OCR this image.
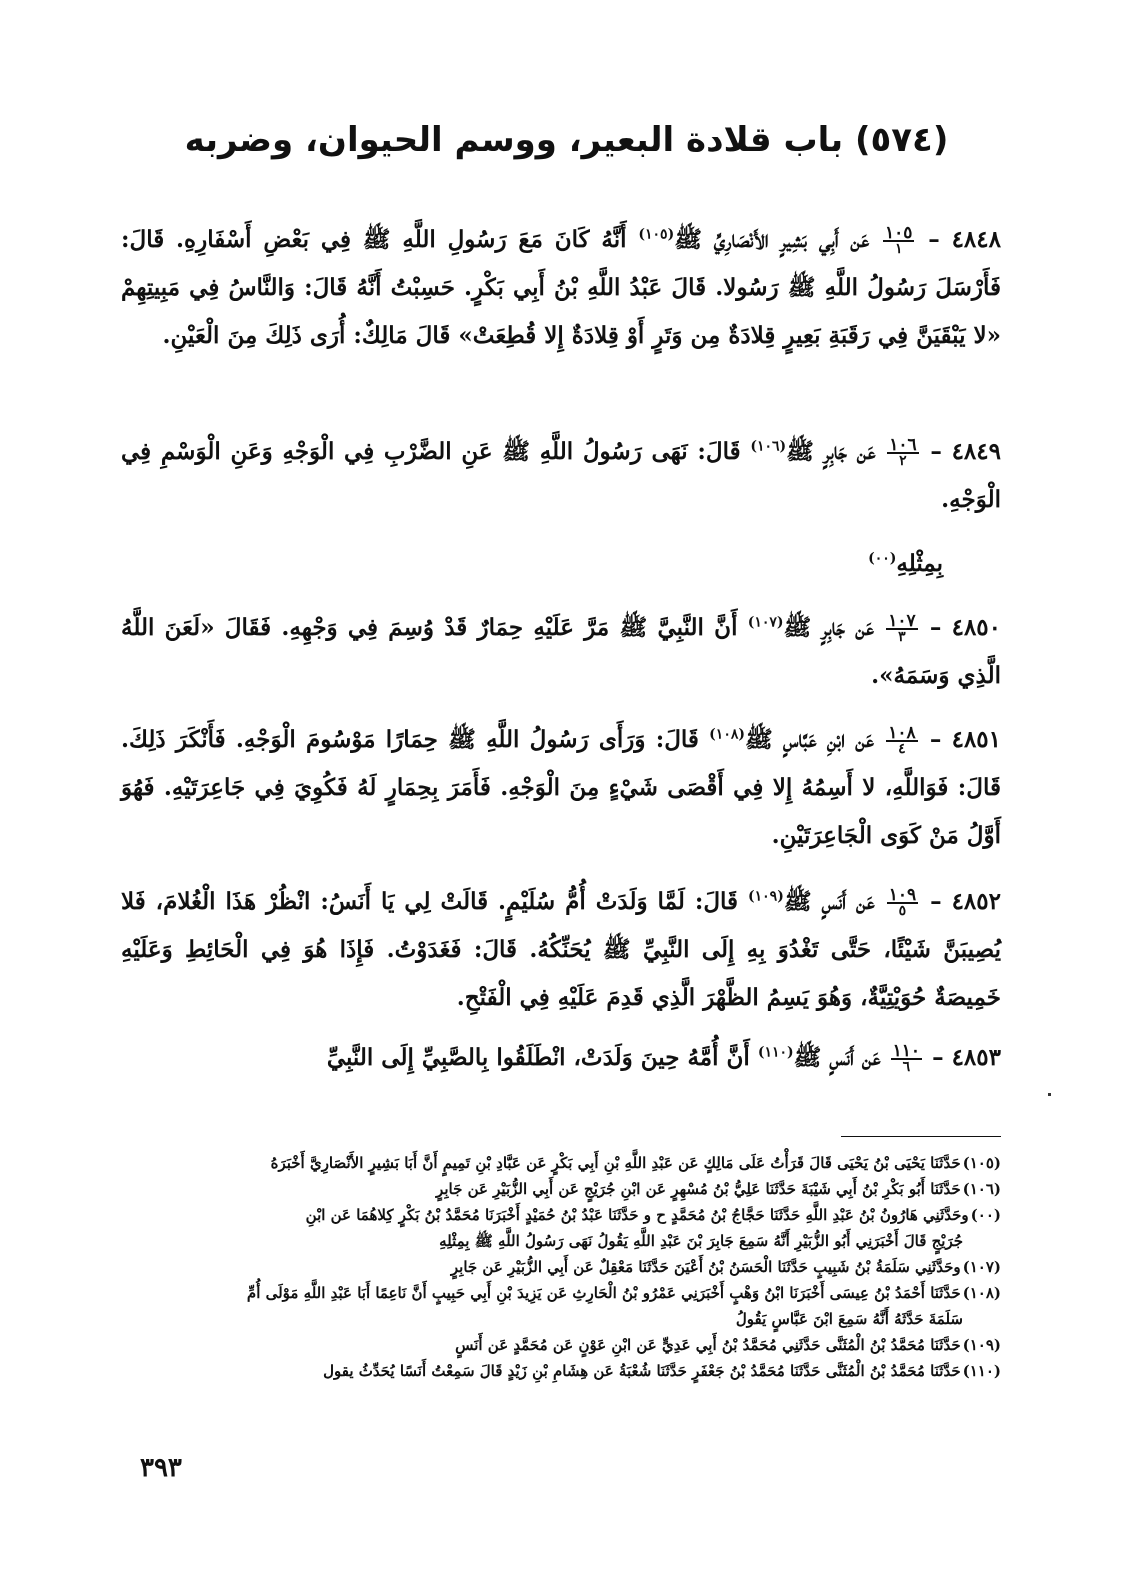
(٥٧٤) باب قلادة البعير، ووسم الحيوان، وضربه
٤٨٤٨ –
$\frac{١٠٥}{١}$
عَن أَبِي بَشِيرٍ الأَنْصَارِيِّ ﷺ$^{(١٠٥)}$ أَنَّهُ كَانَ مَعَ رَسُولِ اللَّهِ ﷺ فِي بَعْضِ أَسْفَارِهِ. قَالَ: فَأَرْسَلَ رَسُولُ اللَّهِ ﷺ رَسُولا. قَالَ عَبْدُ اللَّهِ بْنُ أَبِي بَكْرٍ. حَسِبْتُ أَنَّهُ قَالَ: وَالنَّاسُ فِي مَبِيتِهِمْ «لا يَبْقَيَنَّ فِي رَقَبَةِ بَعِيرٍ قِلادَةٌ مِن وَتَرٍ أَوْ قِلادَةٌ إِلا قُطِعَتْ» قَالَ مَالِكٌ: أُرَى ذَلِكَ مِنَ الْعَيْنِ.
٤٨٤٩ –
$\frac{١٠٦}{٢}$
عَن جَابِرٍ ﷺ$^{(١٠٦)}$ قَالَ: نَهَى رَسُولُ اللَّهِ ﷺ عَنِ الضَّرْبِ فِي الْوَجْهِ وَعَنِ الْوَسْمِ فِي الْوَجْهِ.
بِمِثْلِهِ$^{(٠٠)}$
٤٨٥٠ –
$\frac{١٠٧}{٣}$
عَن جَابِرٍ ﷺ$^{(١٠٧)}$ أَنَّ النَّبِيَّ ﷺ مَرَّ عَلَيْهِ حِمَارٌ قَدْ وُسِمَ فِي وَجْهِهِ. فَقَالَ «لَعَنَ اللَّهُ الَّذِي وَسَمَهُ».
٤٨٥١ –
$\frac{١٠٨}{٤}$
عَن ابْنِ عَبَّاسٍ ﷺ$^{(١٠٨)}$ قَالَ: وَرَأَى رَسُولُ اللَّهِ ﷺ حِمَارًا مَوْسُومَ الْوَجْهِ. فَأَنْكَرَ ذَلِكَ. قَالَ: فَوَاللَّهِ، لا أَسِمُهُ إِلا فِي أَقْصَى شَيْءٍ مِنَ الْوَجْهِ. فَأَمَرَ بِحِمَارٍ لَهُ فَكُوِيَ فِي جَاعِرَتَيْهِ. فَهُوَ أَوَّلُ مَنْ كَوَى الْجَاعِرَتَيْنِ.
٤٨٥٢ –
$\frac{١٠٩}{٥}$
عَن أَنَسٍ ﷺ$^{(١٠٩)}$ قَالَ: لَمَّا وَلَدَتْ أُمُّ سُلَيْمٍ. قَالَتْ لِي يَا أَنَسُ: انْظُرْ هَذَا الْغُلامَ، فَلا يُصِيبَنَّ شَيْئًا، حَتَّى تَغْدُوَ بِهِ إِلَى النَّبِيِّ ﷺ يُحَنِّكُهُ. قَالَ: فَغَدَوْتُ. فَإِذَا هُوَ فِي الْحَائِطِ وَعَلَيْهِ خَمِيصَةٌ حُوَيْتِيَّةٌ، وَهُوَ يَسِمُ الظَّهْرَ الَّذِي قَدِمَ عَلَيْهِ فِي الْفَتْحِ.
٤٨٥٣ –
$\frac{١١٠}{٦}$
عَن أَنَسٍ ﷺ$^{(١١٠)}$ أَنَّ أُمَّهُ حِينَ وَلَدَتْ، انْطَلَقُوا بِالصَّبِيِّ إِلَى النَّبِيِّ

(١٠٥)حَدَّثَنَا يَحْيَى بْنُ يَحْيَى قَالَ قَرَأْتُ عَلَى مَالِكٍ عَن عَبْدِ اللَّهِ بْنِ أَبِي بَكْرٍ عَن عَبَّادِ بْنِ تَمِيمٍ أَنَّ أَبَا بَشِيرٍ الأَنْصَارِيَّ أَخْبَرَهُ

(١٠٦)حَدَّثَنَا أَبُو بَكْرِ بْنُ أَبِي شَيْبَةَ حَدَّثَنَا عَلِيُّ بْنُ مُسْهِرٍ عَن ابْنِ جُرَيْجٍ عَن أَبِي الزُّبَيْرِ عَن جَابِرٍ

(٠٠)وحَدَّثَنِي هَارُونُ بْنُ عَبْدِ اللَّهِ حَدَّثَنَا حَجَّاجُ بْنُ مُحَمَّدٍ ح و حَدَّثَنَا عَبْدُ بْنُ حُمَيْدٍ أَخْبَرَنَا مُحَمَّدُ بْنُ بَكْرٍ كِلاهُمَا عَن ابْنِ
جُرَيْجٍ قَالَ أَخْبَرَنِي أَبُو الزُّبَيْرِ أَنَّهُ سَمِعَ جَابِرَ بْنَ عَبْدِ اللَّهِ يَقُولُ نَهَى رَسُولُ اللَّهِ ﷺ بِمِثْلِهِ

(١٠٧)وحَدَّثَنِي سَلَمَةُ بْنُ شَبِيبٍ حَدَّثَنَا الْحَسَنُ بْنُ أَعْيَنَ حَدَّثَنَا مَعْقِلٌ عَن أَبِي الزُّبَيْرِ عَن جَابِرٍ

(١٠٨)حَدَّثَنَا أَحْمَدُ بْنُ عِيسَى أَخْبَرَنَا ابْنُ وَهْبٍ أَخْبَرَنِي عَمْرُو بْنُ الْحَارِثِ عَن يَزِيدَ بْنِ أَبِي حَبِيبٍ أَنَّ نَاعِمًا أَبَا عَبْدِ اللَّهِ مَوْلَى أُمِّ
سَلَمَةَ حَدَّثَهُ أَنَّهُ سَمِعَ ابْنَ عَبَّاسٍ يَقُولُ

(١٠٩)حَدَّثَنَا مُحَمَّدُ بْنُ الْمُثَنَّى حَدَّثَنِي مُحَمَّدُ بْنُ أَبِي عَدِيٍّ عَن ابْنِ عَوْنٍ عَن مُحَمَّدٍ عَن أَنَسٍ

(١١٠)حَدَّثَنَا مُحَمَّدُ بْنُ الْمُثَنَّى حَدَّثَنَا مُحَمَّدُ بْنُ جَعْفَرٍ حَدَّثَنَا شُعْبَةُ عَن هِشَامِ بْنِ زَيْدٍ قَالَ سَمِعْتُ أَنَسًا يُحَدِّثُ يقول

٣٩٣
